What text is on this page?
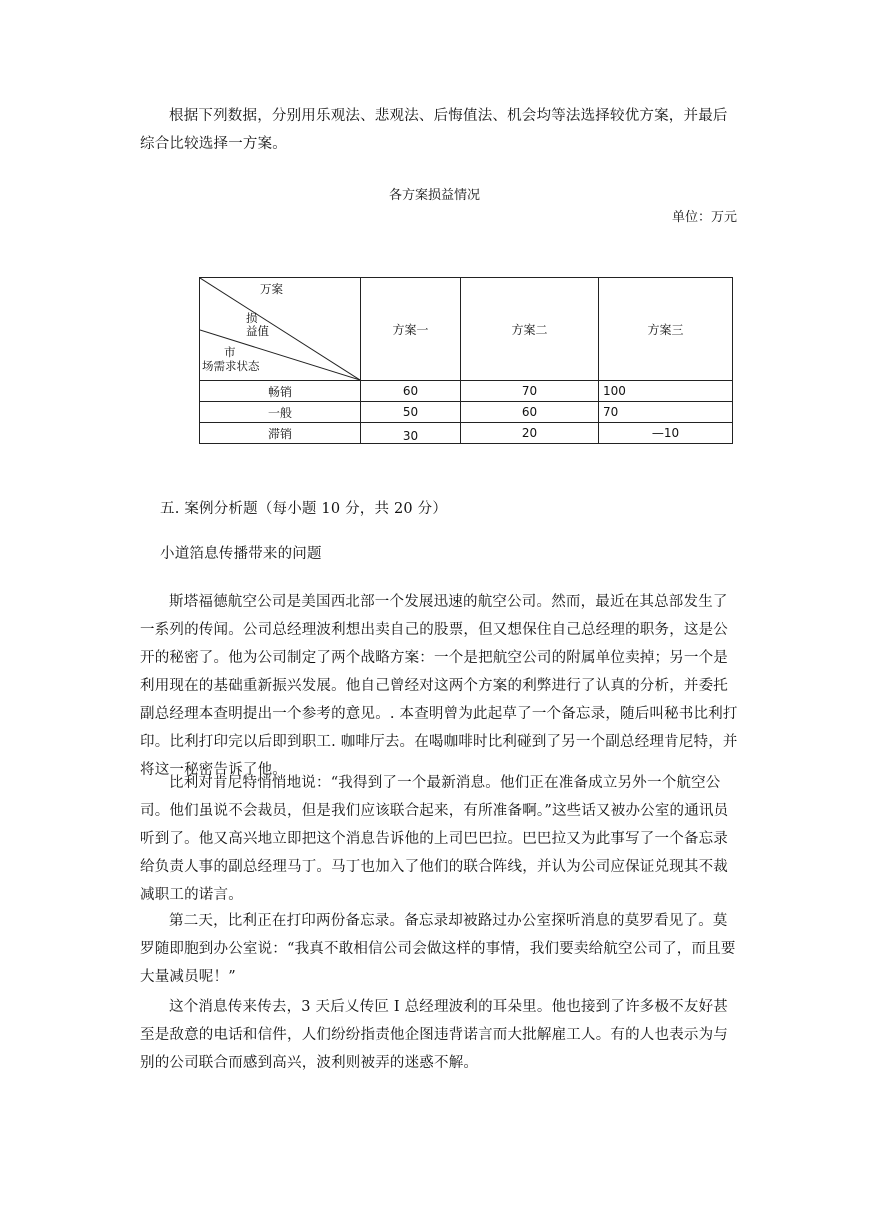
根据下列数据，分别用乐观法、悲观法、后悔值法、机会均等法选择较优方案，并最后综合比较选择一方案。

各方案损益情况
单位：万元
万案
损
益值
市
场需求状态	方案一	方案二	方案三
畅销	60	70	100
一般	50	60	70
滞销	30	20	—10

五. 案例分析题（每小题 10 分，共 20 分）

小道箔息传播带来的问题

斯塔福德航空公司是美国西北部一个发展迅速的航空公司。然而，最近在其总部发生了一系列的传闻。公司总经理波利想出卖自己的股票，但又想保住自己总经理的职务，这是公开的秘密了。他为公司制定了两个战略方案：一个是把航空公司的附属单位卖掉；另一个是利用现在的基础重新振兴发展。他自己曾经对这两个方案的利弊进行了认真的分析，并委托副总经理本查明提出一个参考的意见。. 本查明曾为此起草了一个备忘录，随后叫秘书比利打印。比利打印完以后即到职工. 咖啡厅去。在喝咖啡时比利碰到了另一个副总经理肯尼特，并将这一秘密告诉了他。

比利对肯尼特悄悄地说：“我得到了一个最新消息。他们正在准备成立另外一个航空公司。他们虽说不会裁员，但是我们应该联合起来，有所准备啊。”这些话又被办公室的通讯员听到了。他又高兴地立即把这个消息告诉他的上司巴巴拉。巴巴拉又为此事写了一个备忘录给负责人事的副总经理马丁。马丁也加入了他们的联合阵线，并认为公司应保证兑现其不裁减职工的诺言。

第二天，比利正在打印两份备忘录。备忘录却被路过办公室探听消息的莫罗看见了。莫罗随即胞到办公室说：“我真不敢相信公司会做这样的事情，我们要卖给航空公司了，而且要大量减员呢！”

这个消息传来传去，3 天后乂传叵 I 总经理波利的耳朵里。他也接到了许多极不友好甚至是敌意的电话和信件，人们纷纷指责他企图违背诺言而大批解雇工人。有的人也表示为与别的公司联合而感到高兴，波利则被弄的迷惑不解。
